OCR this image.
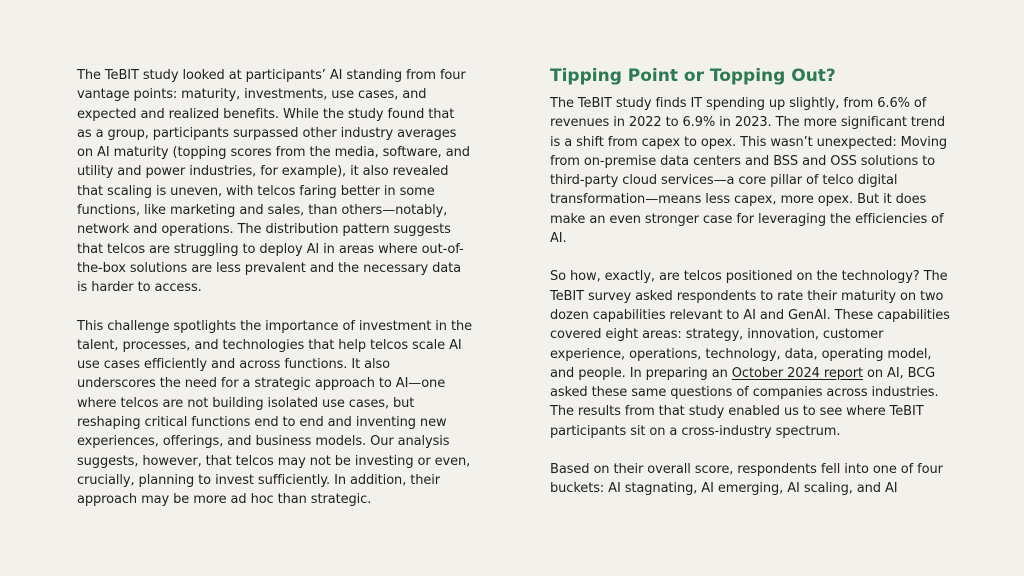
The TeBIT study looked at participants’ AI standing from four vantage points: maturity, investments, use cases, and expected and realized benefits. While the study found that as a group, participants surpassed other industry averages on AI maturity (topping scores from the media, software, and utility and power industries, for example), it also revealed that scaling is uneven, with telcos faring better in some functions, like marketing and sales, than others—notably, network and operations. The distribution pattern suggests that telcos are struggling to deploy AI in areas where out-of-the-box solutions are less prevalent and the necessary data is harder to access.

This challenge spotlights the importance of investment in the talent, processes, and technologies that help telcos scale AI use cases efficiently and across functions. It also underscores the need for a strategic approach to AI—one where telcos are not building isolated use cases, but reshaping critical functions end to end and inventing new experiences, offerings, and business models. Our analysis suggests, however, that telcos may not be investing or even, crucially, planning to invest sufficiently. In addition, their approach may be more ad hoc than strategic.

Tipping Point or Topping Out?

The TeBIT study finds IT spending up slightly, from 6.6% of revenues in 2022 to 6.9% in 2023. The more significant trend is a shift from capex to opex. This wasn’t unexpected: Moving from on-premise data centers and BSS and OSS solutions to third-party cloud services—a core pillar of telco digital transformation—means less capex, more opex. But it does make an even stronger case for leveraging the efficiencies of AI.

So how, exactly, are telcos positioned on the technology? The TeBIT survey asked respondents to rate their maturity on two dozen capabilities relevant to AI and GenAI. These capabilities covered eight areas: strategy, innovation, customer experience, operations, technology, data, operating model, and people. In preparing an October 2024 report on AI, BCG asked these same questions of companies across industries. The results from that study enabled us to see where TeBIT participants sit on a cross-industry spectrum.

Based on their overall score, respondents fell into one of four buckets: AI stagnating, AI emerging, AI scaling, and AI
